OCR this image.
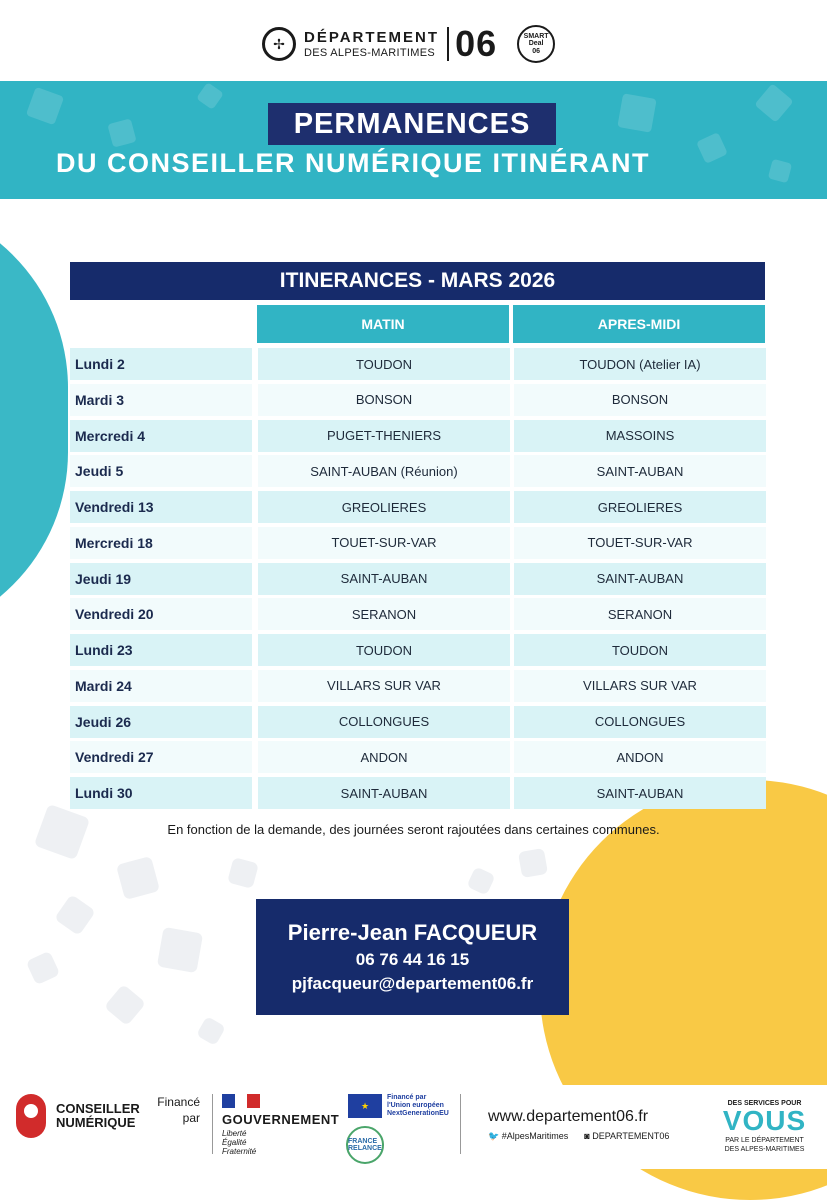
✢	DÉPARTEMENT
DES ALPES-MARITIMES 06	SMART
Deal
06
PERMANENCES
DU CONSEILLER NUMÉRIQUE ITINÉRANT
ITINERANCES - MARS 2026
MATIN	APRES-MIDI
Lundi 2	TOUDON	TOUDON (Atelier IA)
Mardi 3	BONSON	BONSON
Mercredi 4	PUGET-THENIERS	MASSOINS
Jeudi 5	SAINT-AUBAN (Réunion)	SAINT-AUBAN
Vendredi 13	GREOLIERES	GREOLIERES
Mercredi 18	TOUET-SUR-VAR	TOUET-SUR-VAR
Jeudi 19	SAINT-AUBAN	SAINT-AUBAN
Vendredi 20	SERANON	SERANON
Lundi 23	TOUDON	TOUDON
Mardi 24	VILLARS SUR VAR	VILLARS SUR VAR
Jeudi 26	COLLONGUES	COLLONGUES
Vendredi 27	ANDON	ANDON
Lundi 30	SAINT-AUBAN	SAINT-AUBAN
En fonction de la demande, des journées seront rajoutées dans certaines communes.
Pierre-Jean FACQUEUR
06 76 44 16 15
pjfacqueur@departement06.fr
CONSEILLER
NUMÉRIQUE
Financé
par GOUVERNEMENT
Liberté
Égalité
Fraternité
★
Financé par
l'Union européen
NextGenerationEU
FRANCE RELANCE
www.departement06.fr
🐦 #AlpesMaritimes ◙ DEPARTEMENT06
DES SERVICES POUR
VOUS
PAR LE DÉPARTEMENT
DES ALPES-MARITIMES
